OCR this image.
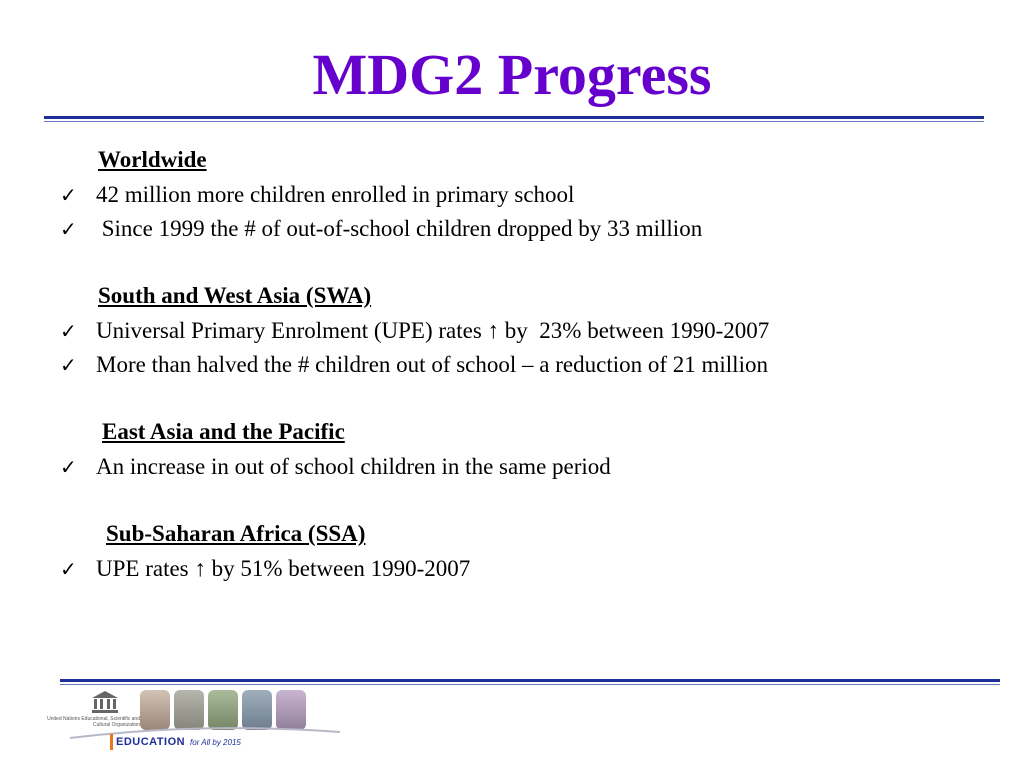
MDG2 Progress
Worldwide
✓ 42 million more children enrolled in primary school
✓ Since 1999 the # of out-of-school children dropped by 33 million
South and West Asia (SWA)
✓ Universal Primary Enrolment (UPE) rates ↑ by  23% between 1990-2007
✓ More than halved the # children out of school – a reduction of 21 million
East Asia and the Pacific
✓ An increase in out of school children in the same period
Sub-Saharan Africa (SSA)
✓ UPE rates ↑ by 51% between 1990-2007
United Nations Educational, Scientific and Cultural Organization
EDUCATION for All by 2015
